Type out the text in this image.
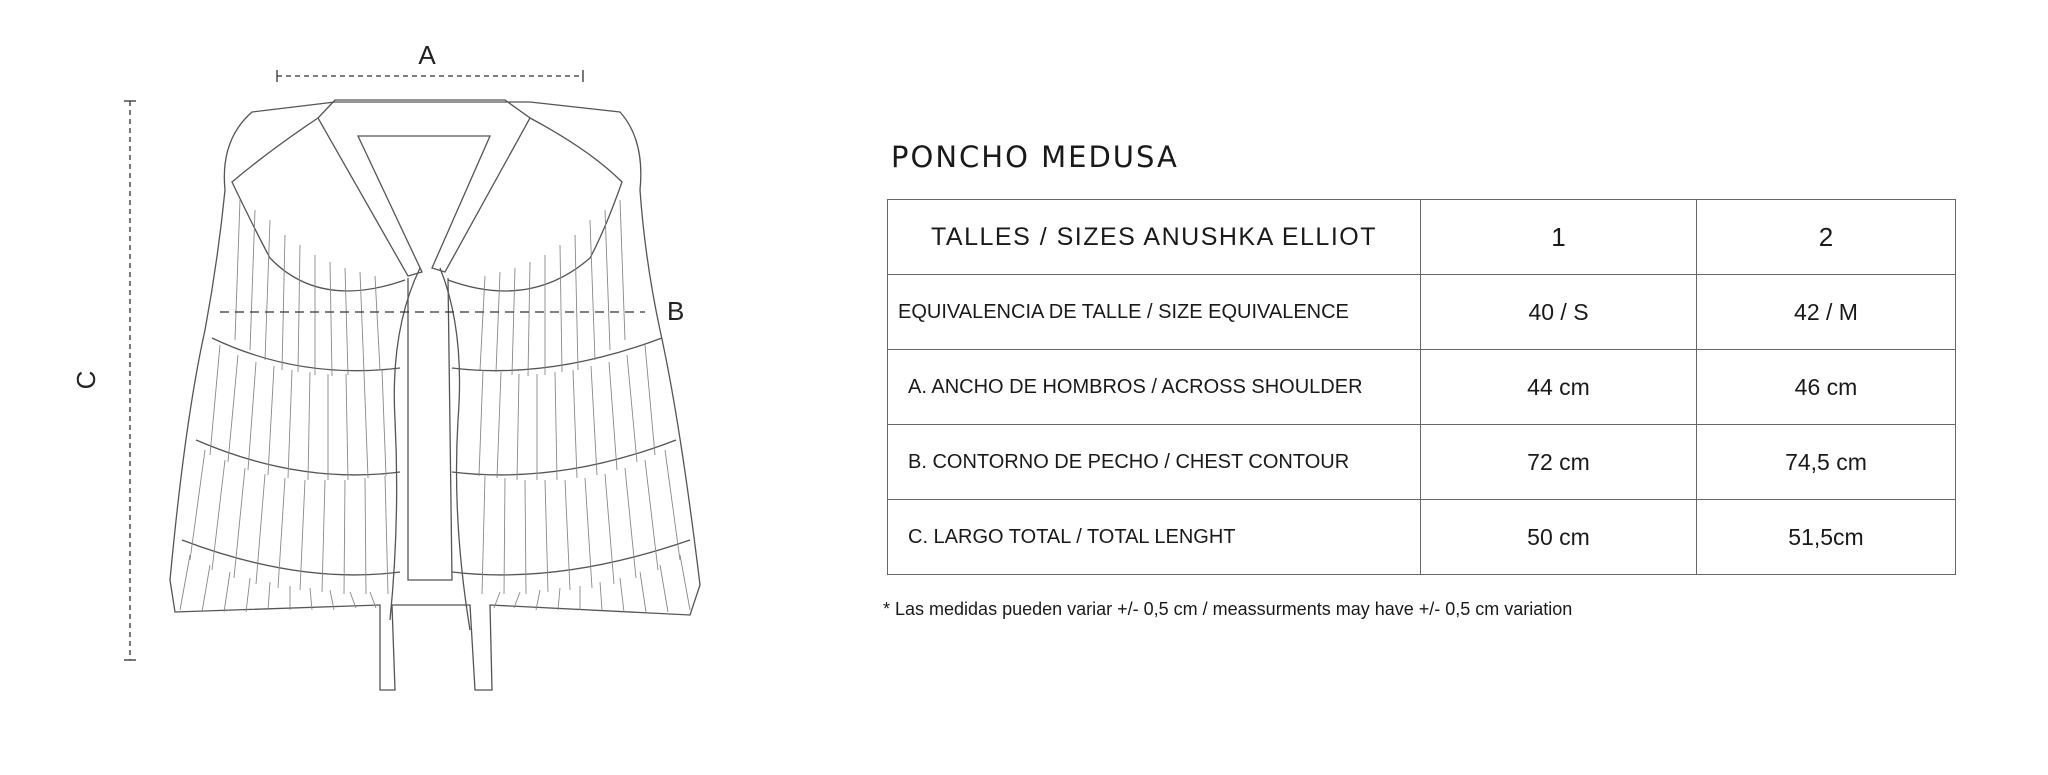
A
B
C
PONCHO MEDUSA
TALLES / SIZES ANUSHKA ELLIOT	1	2
EQUIVALENCIA DE TALLE / SIZE EQUIVALENCE	40 / S	42 / M
A. ANCHO DE HOMBROS / ACROSS SHOULDER	44 cm	46 cm
B. CONTORNO DE PECHO / CHEST CONTOUR	72 cm	74,5 cm
C. LARGO TOTAL / TOTAL LENGHT	50 cm	51,5cm
* Las medidas pueden variar +/- 0,5 cm / meassurments may have +/- 0,5 cm variation
